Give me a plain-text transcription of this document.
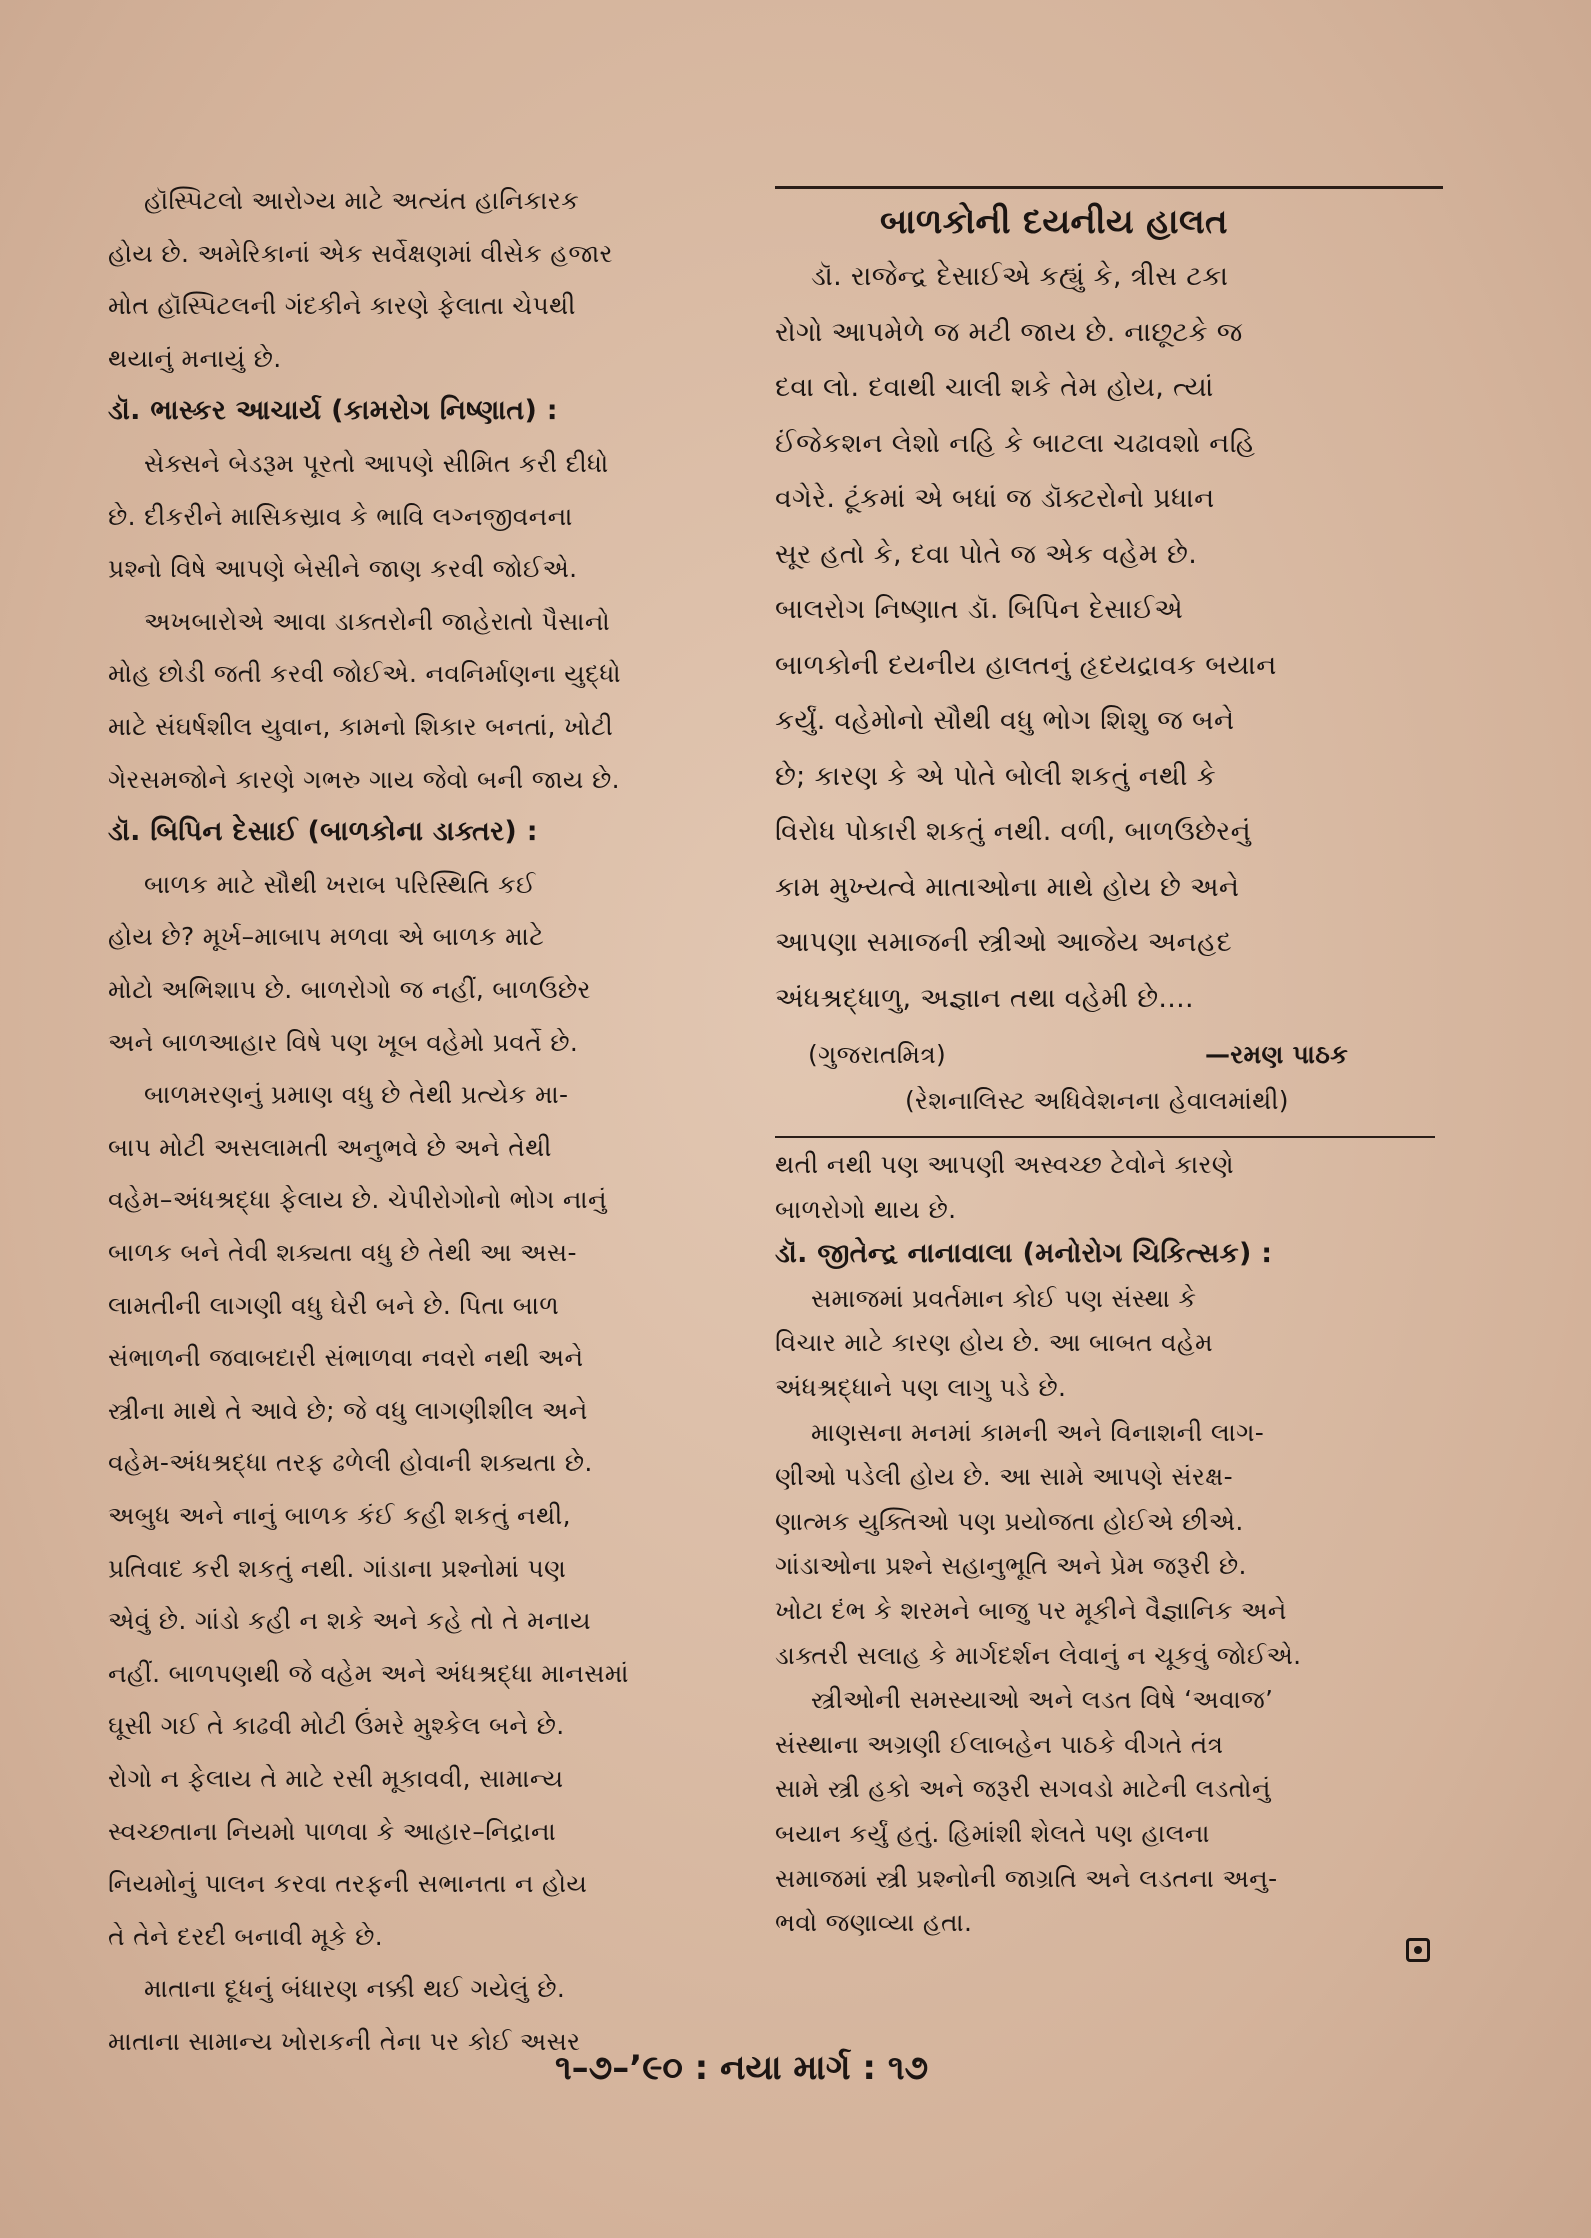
હૉસ્પિટલો આરોગ્ય માટે અત્યંત હાનિકારક
હોય છે. અમેરિકાનાં એક સર્વેક્ષણમાં વીસેક હજાર
મોત હૉસ્પિટલની ગંદકીને કારણે ફેલાતા ચેપથી
થયાનું મનાયું છે.
ડૉ. ભાસ્કર આચાર્ય (કામરોગ નિષ્ણાત) :
સેક્સને બેડરૂમ પૂરતો આપણે સીમિત કરી દીધો
છે. દીકરીને માસિકસ્રાવ કે ભાવિ લગ્નજીવનના
પ્રશ્નો વિષે આપણે બેસીને જાણ કરવી જોઈએ.
અખબારોએ આવા ડાક્તરોની જાહેરાતો પૈસાનો
મોહ છોડી જતી કરવી જોઈએ. નવનિર્માણના યુદ્ધો
માટે સંઘર્ષશીલ યુવાન, કામનો શિકાર બનતાં, ખોટી
ગેરસમજોને કારણે ગભરુ ગાય જેવો બની જાય છે.
ડૉ. બિપિન દેસાઈ (બાળકોના ડાક્તર) :
બાળક માટે સૌથી ખરાબ પરિસ્થિતિ કઈ
હોય છે? મૂર્ખ–માબાપ મળવા એ બાળક માટે
મોટો અભિશાપ છે. બાળરોગો જ નહીં, બાળઉછેર
અને બાળઆહાર વિષે પણ ખૂબ વહેમો પ્રવર્તે છે.
બાળમરણનું પ્રમાણ વધુ છે તેથી પ્રત્યેક મા-
બાપ મોટી અસલામતી અનુભવે છે અને તેથી
વહેમ–અંધશ્રદ્ધા ફેલાય છે. ચેપીરોગોનો ભોગ નાનું
બાળક બને તેવી શક્યતા વધુ છે તેથી આ અસ-
લામતીની લાગણી વધુ ઘેરી બને છે. પિતા બાળ
સંભાળની જવાબદારી સંભાળવા નવરો નથી અને
સ્ત્રીના માથે તે આવે છે; જે વધુ લાગણીશીલ અને
વહેમ-અંધશ્રદ્ધા તરફ ઢળેલી હોવાની શક્યતા છે.
અબુધ અને નાનું બાળક કંઈ કહી શકતું નથી,
પ્રતિવાદ કરી શકતું નથી. ગાંડાના પ્રશ્નોમાં પણ
એવું છે. ગાંડો કહી ન શકે અને કહે તો તે મનાય
નહીં. બાળપણથી જે વહેમ અને અંધશ્રદ્ધા માનસમાં
ઘૂસી ગઈ તે કાઢવી મોટી ઉંમરે મુશ્કેલ બને છે.
રોગો ન ફેલાય તે માટે રસી મૂકાવવી, સામાન્ય
સ્વચ્છતાના નિયમો પાળવા કે આહાર–નિદ્રાના
નિયમોનું પાલન કરવા તરફની સભાનતા ન હોય
તે તેને દરદી બનાવી મૂકે છે.
માતાના દૂધનું બંધારણ નક્કી થઈ ગયેલું છે.
માતાના સામાન્ય ખોરાકની તેના પર કોઈ અસર
બાળકોની દયનીય હાલત
ડૉ. રાજેન્દ્ર દેસાઈએ કહ્યું કે, ત્રીસ ટકા
રોગો આપમેળે જ મટી જાય છે. નાછૂટકે જ
દવા લો. દવાથી ચાલી શકે તેમ હોય, ત્યાં
ઈંજેકશન લેશો નહિ કે બાટલા ચઢાવશો નહિ
વગેરે. ટૂંકમાં એ બધાં જ ડૉક્ટરોનો પ્રધાન
સૂર હતો કે, દવા પોતે જ એક વહેમ છે.
બાલરોગ નિષ્ણાત ડૉ. બિપિન દેસાઈએ
બાળકોની દયનીય હાલતનું હૃદયદ્રાવક બયાન
કર્યું. વહેમોનો સૌથી વધુ ભોગ શિશુ જ બને
છે; કારણ કે એ પોતે બોલી શકતું નથી કે
વિરોધ પોકારી શકતું નથી. વળી, બાળઉછેરનું
કામ મુખ્યત્વે માતાઓના માથે હોય છે અને
આપણા સમાજની સ્ત્રીઓ આજેય અનહદ
અંધશ્રદ્ધાળુ, અજ્ઞાન તથા વહેમી છે....
(ગુજરાતમિત્ર)	—રમણ પાઠક
(રેશનાલિસ્ટ અધિવેશનના હેવાલમાંથી)
થતી નથી પણ આપણી અસ્વચ્છ ટેવોને કારણે
બાળરોગો થાય છે.
ડૉ. જીતેન્દ્ર નાનાવાલા (મનોરોગ ચિકિત્સક) :
સમાજમાં પ્રવર્તમાન કોઈ પણ સંસ્થા કે
વિચાર માટે કારણ હોય છે. આ બાબત વહેમ
અંધશ્રદ્ધાને પણ લાગુ પડે છે.
માણસના મનમાં કામની અને વિનાશની લાગ-
ણીઓ પડેલી હોય છે. આ સામે આપણે સંરક્ષ-
ણાત્મક યુક્તિઓ પણ પ્રયોજતા હોઈએ છીએ.
ગાંડાઓના પ્રશ્ને સહાનુભૂતિ અને પ્રેમ જરૂરી છે.
ખોટા દંભ કે શરમને બાજુ પર મૂકીને વૈજ્ઞાનિક અને
ડાક્તરી સલાહ કે માર્ગદર્શન લેવાનું ન ચૂકવું જોઈએ.
સ્ત્રીઓની સમસ્યાઓ અને લડત વિષે ‘અવાજ’
સંસ્થાના અગ્રણી ઈલાબહેન પાઠકે વીગતે તંત્ર
સામે સ્ત્રી હકો અને જરૂરી સગવડો માટેની લડતોનું
બયાન કર્યું હતું. હિમાંશી શેલતે પણ હાલના
સમાજમાં સ્ત્રી પ્રશ્નોની જાગ્રતિ અને લડતના અનુ-
ભવો જણાવ્યા હતા.
૧–૭–’૯૦ : નયા માર્ગ : ૧૭
